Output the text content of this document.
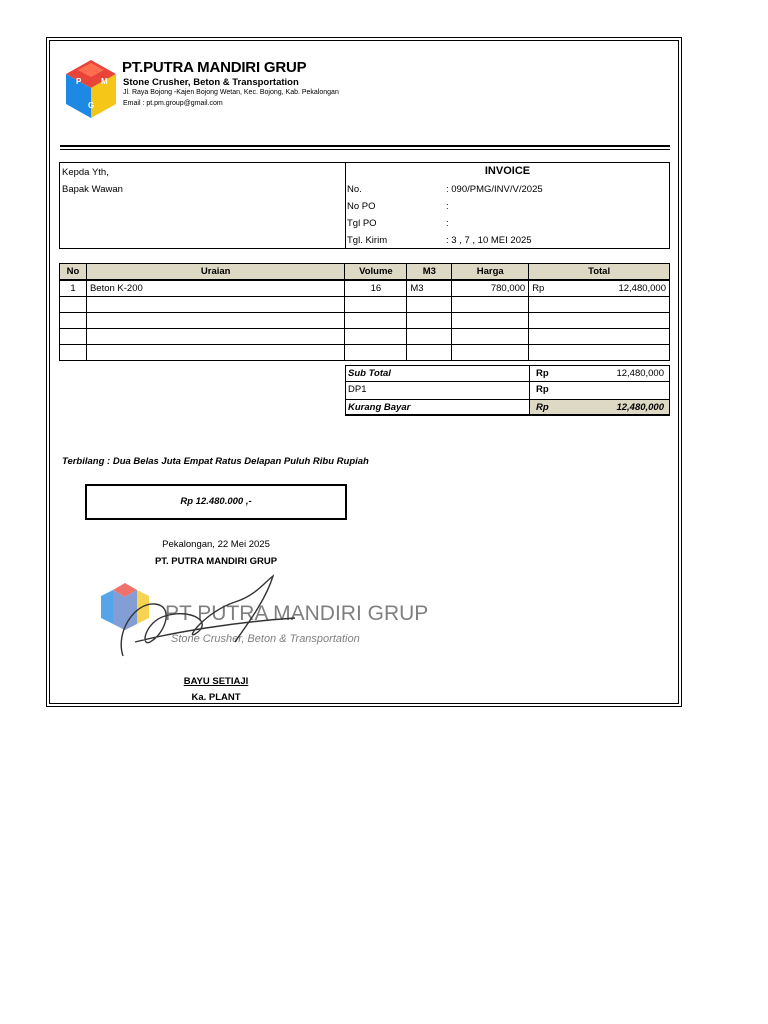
P M
G
PT.PUTRA MANDIRI GRUP
Stone Crusher, Beton & Transportation
Jl. Raya Bojong -Kajen Bojong Wetan, Kec. Bojong, Kab. Pekalongan
Email : pt.pm.group@gmail.com
Kepda Yth,
Bapak Wawan
INVOICE
No.	: 090/PMG/INV/V/2025
No PO	:
Tgl PO	:
Tgl. Kirim	: 3 , 7 , 10 MEI 2025
No	Uraian	Volume	M3	Harga	Total
1	Beton K-200	16	M3	780,000	Rp 12,480,000

Sub Total	Rp	12,480,000
DP1	Rp
Kurang Bayar	Rp	12,480,000
Terbilang : Dua Belas Juta Empat Ratus Delapan Puluh Ribu Rupiah
Rp 12.480.000 ,-
Pekalongan, 22 Mei 2025
PT. PUTRA MANDIRI GRUP
PT PUTRA MANDIRI GRUP
Stone Crusher, Beton & Transportation
BAYU SETIAJI
Ka. PLANT
